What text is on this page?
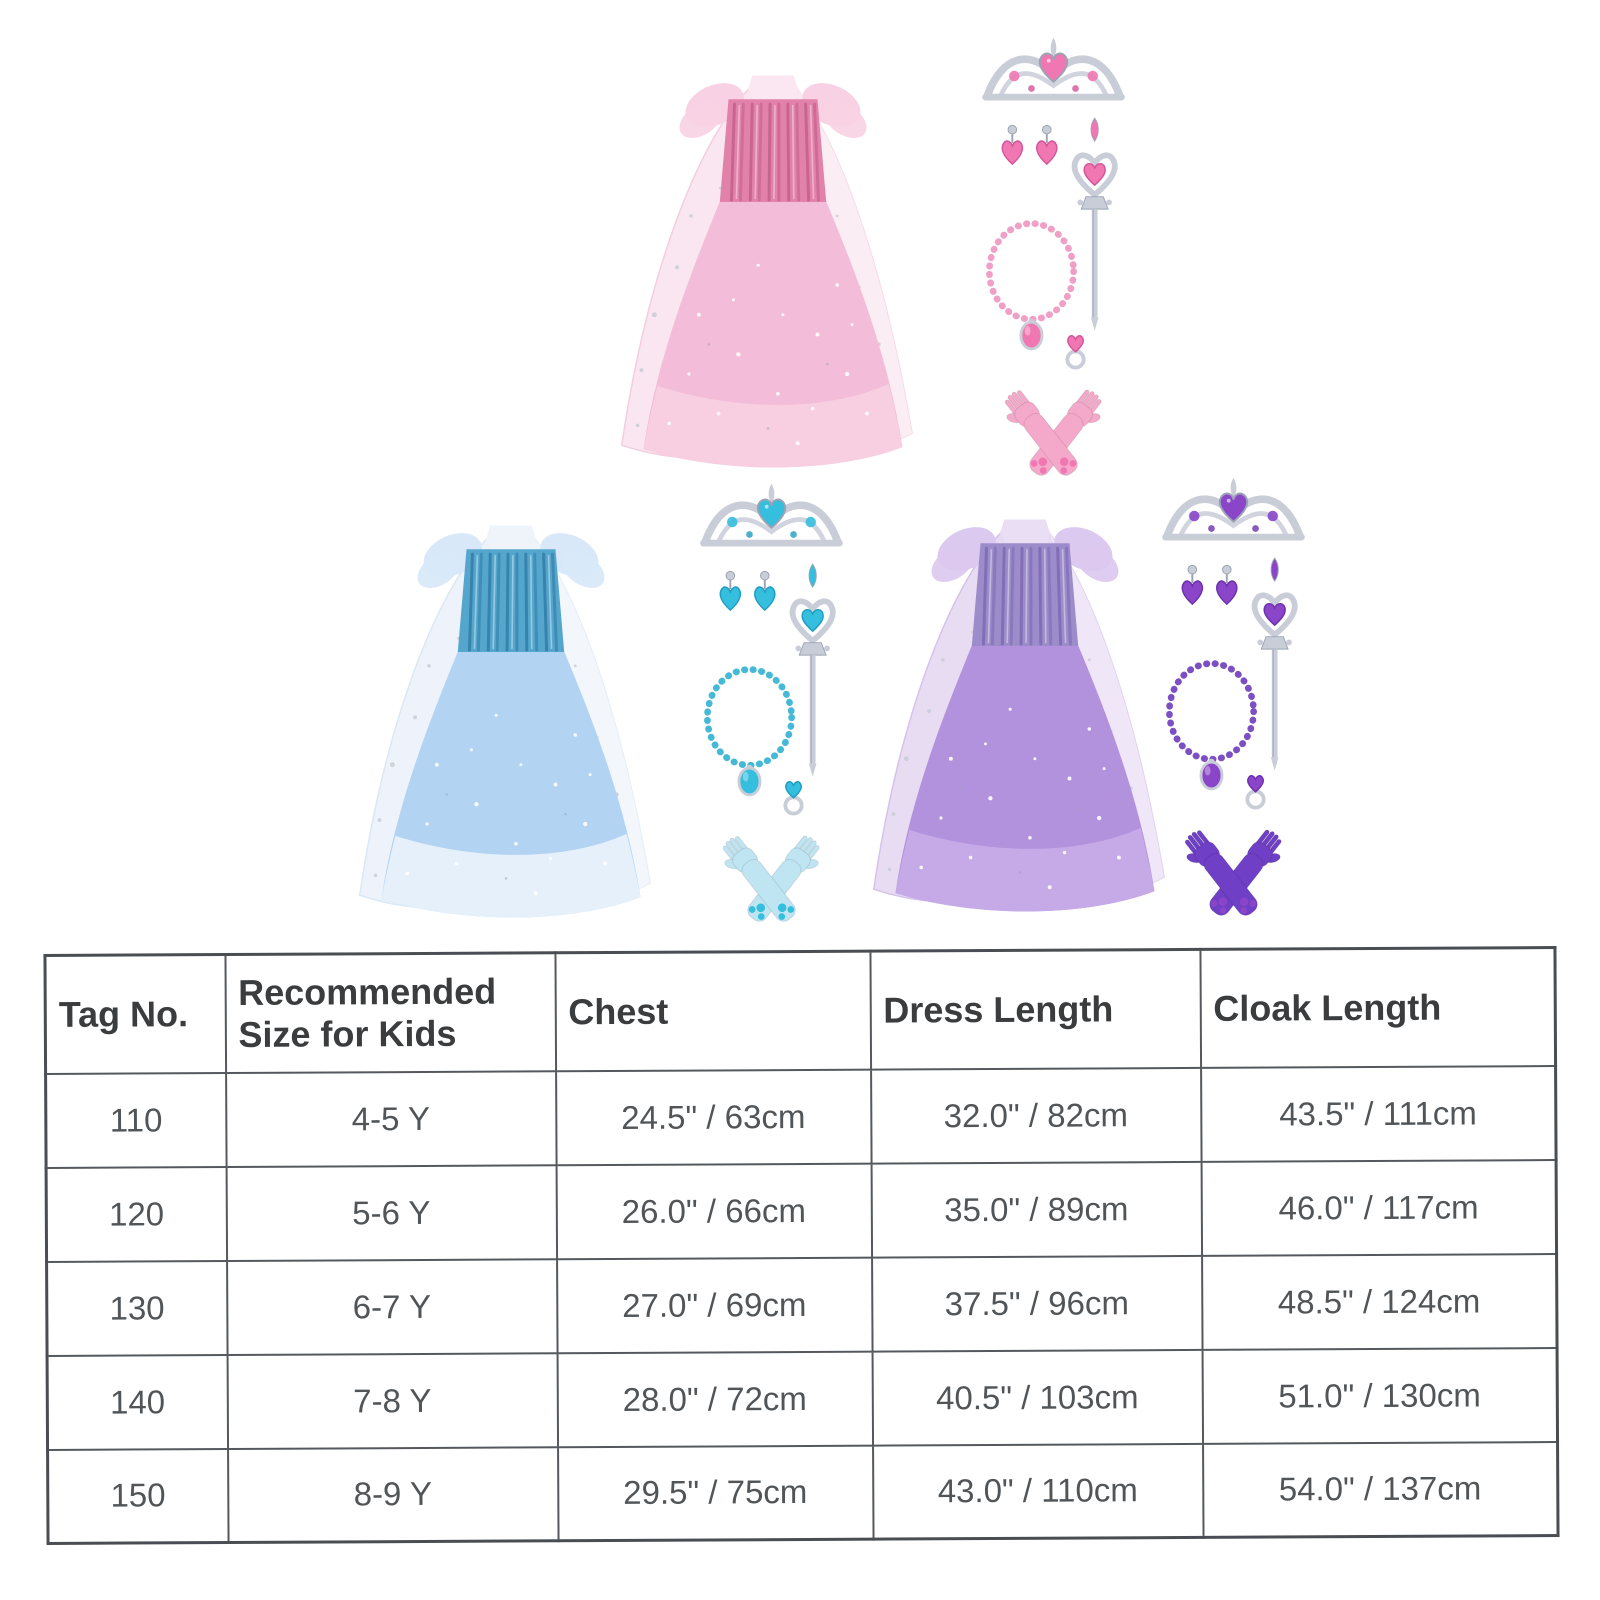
Tag No.	Recommended Size for Kids	Chest	Dress Length	Cloak Length
110	4-5 Y	24.5" / 63cm	32.0" / 82cm	43.5" / 111cm
120	5-6 Y	26.0" / 66cm	35.0" / 89cm	46.0" / 117cm
130	6-7 Y	27.0" / 69cm	37.5" / 96cm	48.5" / 124cm
140	7-8 Y	28.0" / 72cm	40.5" / 103cm	51.0" / 130cm
150	8-9 Y	29.5" / 75cm	43.0" / 110cm	54.0" / 137cm
